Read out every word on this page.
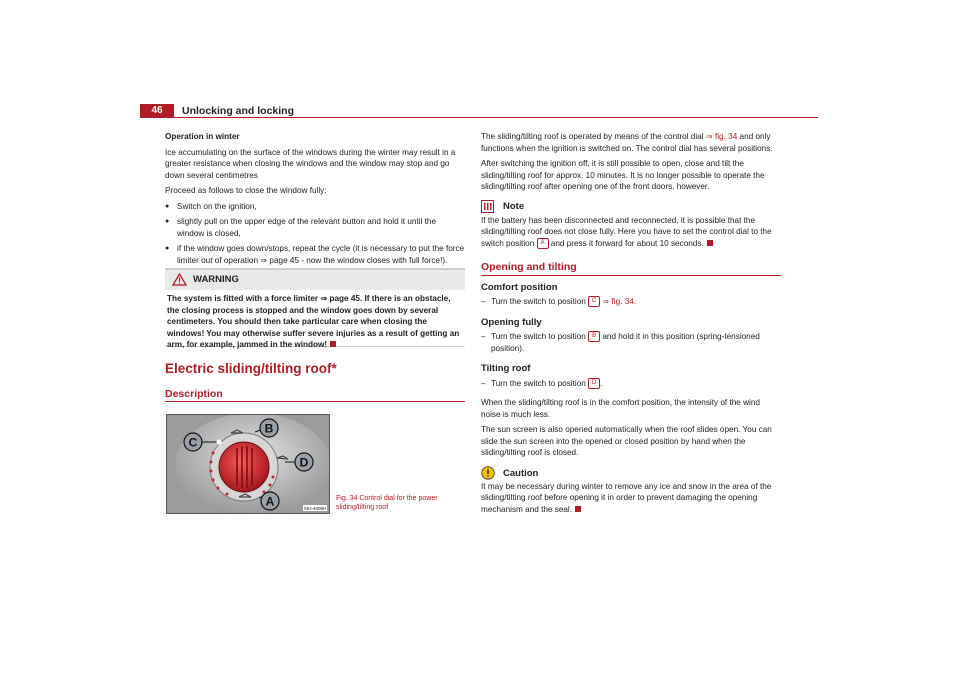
46	Unlocking and locking

Operation in winter

Ice accumulating on the surface of the windows during the winter may result in a greater resistance when closing the windows and the window may stop and go down several centimetres

Proceed as follows to close the window fully:

● Switch on the ignition,
● slightly pull on the upper edge of the relevant button and hold it until the window is closed,
● if the window goes down/stops, repeat the cycle (it is necessary to put the force limiter out of operation ⇒ page 45 - now the window closes with full force!).
WARNING
The system is fitted with a force limiter ⇒ page 45. If there is an obstacle, the closing process is stopped and the window goes down by several centimeters. You should then take particular care when closing the windows! You may otherwise suffer severe injuries as a result of getting an arm, for example, jammed in the window!
Electric sliding/tilting roof*
Description
C
B
D
A	S6J-4006H
Fig. 34 Control dial for the power
sliding/tilting roof

The sliding/tilting roof is operated by means of the control dial ⇒ fig. 34 and only functions when the ignition is switched on. The control dial has several positions.

After switching the ignition off, it is still possible to open, close and tilt the sliding/tilting roof for approx. 10 minutes. It is no longer possible to operate the sliding/tilting roof after opening one of the front doors, however.

Note

If the battery has been disconnected and reconnected, it is possible that the sliding/tilting roof does not close fully. Here you have to set the control dial to the switch position A and press it forward for about 10 seconds.

Opening and tilting
Comfort position
– Turn the switch to position C ⇒ fig. 34.
Opening fully
– Turn the switch to position B and hold it in this position (spring-tensioned position).
Tilting roof
– Turn the switch to position D .

When the sliding/tilting roof is in the comfort position, the intensity of the wind noise is much less.

The sun screen is also opened automatically when the roof slides open. You can slide the sun screen into the opened or closed position by hand when the sliding/tilting roof is closed.

Caution

It may be necessary during winter to remove any ice and snow in the area of the sliding/tilting roof before opening it in order to prevent damaging the opening mechanism and the seal.
